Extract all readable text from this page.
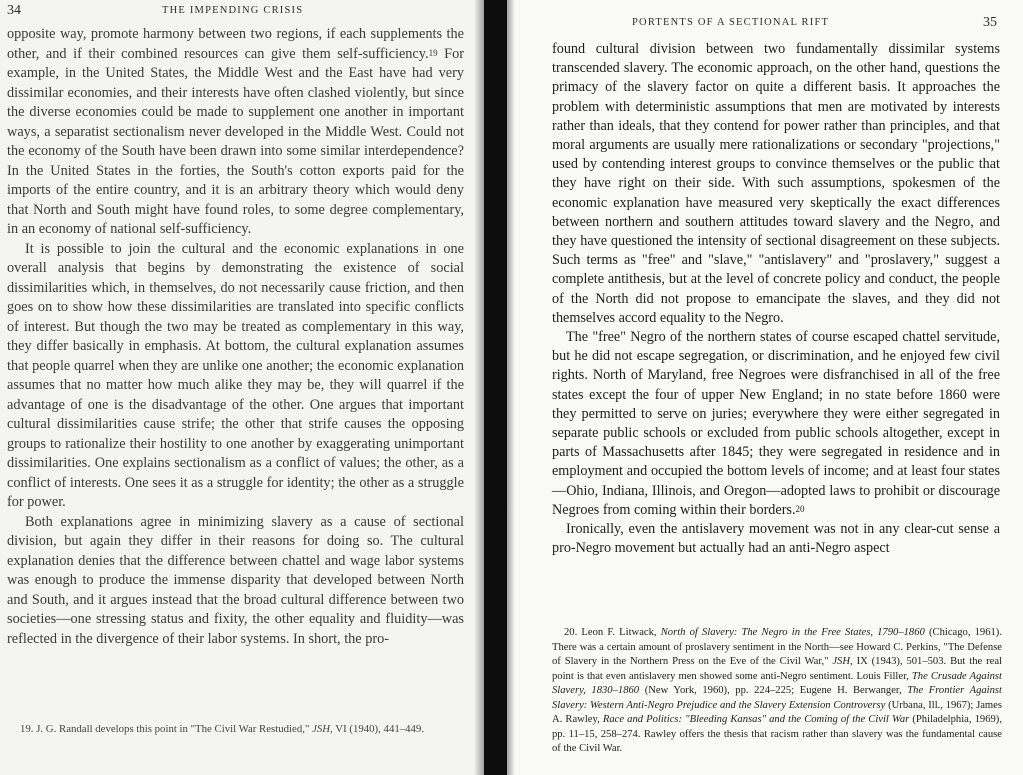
34	THE IMPENDING CRISIS

opposite way, promote harmony between two regions, if each supplements the other, and if their combined resources can give them self-sufficiency.$^{19}$ For example, in the United States, the Middle West and the East have had very dissimilar economies, and their interests have often clashed violently, but since the diverse economies could be made to supplement one another in important ways, a separatist sectionalism never developed in the Middle West. Could not the economy of the South have been drawn into some similar interdependence? In the United States in the forties, the South's cotton exports paid for the imports of the entire country, and it is an arbitrary theory which would deny that North and South might have found roles, to some degree complementary, in an economy of national self-sufficiency.

It is possible to join the cultural and the economic explanations in one overall analysis that begins by demonstrating the existence of social dissimilarities which, in themselves, do not necessarily cause friction, and then goes on to show how these dissimilarities are translated into specific conflicts of interest. But though the two may be treated as complementary in this way, they differ basically in emphasis. At bottom, the cultural explanation assumes that people quarrel when they are unlike one another; the economic explanation assumes that no matter how much alike they may be, they will quarrel if the advantage of one is the disadvantage of the other. One argues that important cultural dissimilarities cause strife; the other that strife causes the opposing groups to rationalize their hostility to one another by exaggerating unimportant dissimilarities. One explains sectionalism as a conflict of values; the other, as a conflict of interests. One sees it as a struggle for identity; the other as a struggle for power.

Both explanations agree in minimizing slavery as a cause of sectional division, but again they differ in their reasons for doing so. The cultural explanation denies that the difference between chattel and wage labor systems was enough to produce the immense disparity that developed between North and South, and it argues instead that the broad cultural difference between two societies—one stressing status and fixity, the other equality and fluidity—was reflected in the divergence of their labor systems. In short, the pro-

19. J. G. Randall develops this point in "The Civil War Restudied," JSH, VI (1940), 441–449.
PORTENTS OF A SECTIONAL RIFT	35

found cultural division between two fundamentally dissimilar systems transcended slavery. The economic approach, on the other hand, questions the primacy of the slavery factor on quite a different basis. It approaches the problem with deterministic assumptions that men are motivated by interests rather than ideals, that they contend for power rather than principles, and that moral arguments are usually mere rationalizations or secondary "projections," used by contending interest groups to convince themselves or the public that they have right on their side. With such assumptions, spokesmen of the economic explanation have measured very skeptically the exact differences between northern and southern attitudes toward slavery and the Negro, and they have questioned the intensity of sectional disagreement on these subjects. Such terms as "free" and "slave," "antislavery" and "proslavery," suggest a complete antithesis, but at the level of concrete policy and conduct, the people of the North did not propose to emancipate the slaves, and they did not themselves accord equality to the Negro.

The "free" Negro of the northern states of course escaped chattel servitude, but he did not escape segregation, or discrimination, and he enjoyed few civil rights. North of Maryland, free Negroes were disfranchised in all of the free states except the four of upper New England; in no state before 1860 were they permitted to serve on juries; everywhere they were either segregated in separate public schools or excluded from public schools altogether, except in parts of Massachusetts after 1845; they were segregated in residence and in employment and occupied the bottom levels of income; and at least four states—Ohio, Indiana, Illinois, and Oregon—adopted laws to prohibit or discourage Negroes from coming within their borders.$^{20}$

Ironically, even the antislavery movement was not in any clear-cut sense a pro-Negro movement but actually had an anti-Negro aspect

20. Leon F. Litwack, North of Slavery: The Negro in the Free States, 1790–1860 (Chicago, 1961). There was a certain amount of proslavery sentiment in the North—see Howard C. Perkins, "The Defense of Slavery in the Northern Press on the Eve of the Civil War," JSH, IX (1943), 501–503. But the real point is that even antislavery men showed some anti-Negro sentiment. Louis Filler, The Crusade Against Slavery, 1830–1860 (New York, 1960), pp. 224–225; Eugene H. Berwanger, The Frontier Against Slavery: Western Anti-Negro Prejudice and the Slavery Extension Controversy (Urbana, Ill., 1967); James A. Rawley, Race and Politics: "Bleeding Kansas" and the Coming of the Civil War (Philadelphia, 1969), pp. 11–15, 258–274. Rawley offers the thesis that racism rather than slavery was the fundamental cause of the Civil War.
